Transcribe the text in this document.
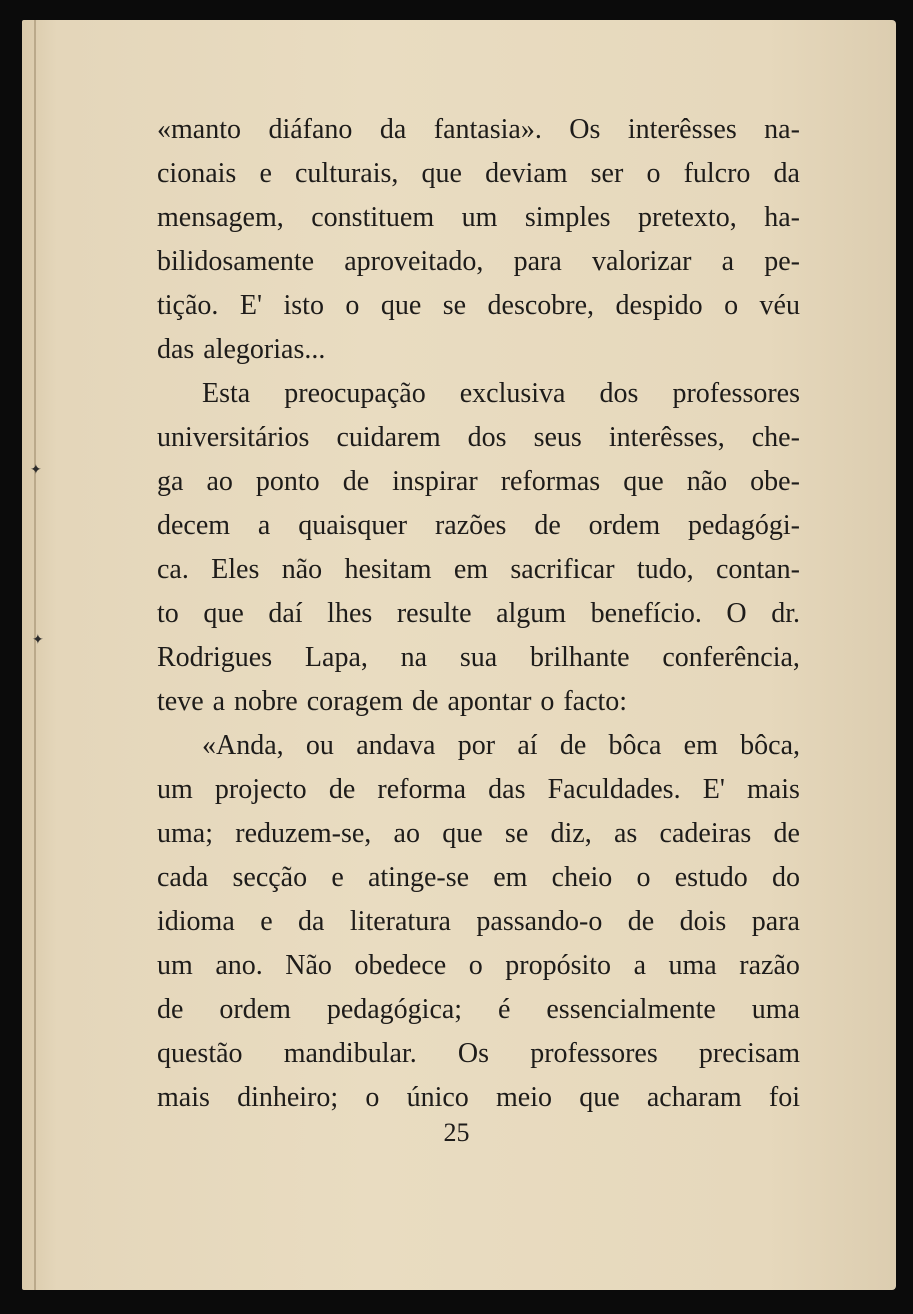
✦
✦
«manto diáfano da fantasia». Os interêsses na-
cionais e culturais, que deviam ser o fulcro da
mensagem, constituem um simples pretexto, ha-
bilidosamente aproveitado, para valorizar a pe-
tição. E' isto o que se descobre, despido o véu
das alegorias...
Esta preocupação exclusiva dos professores
universitários cuidarem dos seus interêsses, che-
ga ao ponto de inspirar reformas que não obe-
decem a quaisquer razões de ordem pedagógi-
ca. Eles não hesitam em sacrificar tudo, contan-
to que daí lhes resulte algum benefício. O dr.
Rodrigues Lapa, na sua brilhante conferência,
teve a nobre coragem de apontar o facto:
«Anda, ou andava por aí de bôca em bôca,
um projecto de reforma das Faculdades. E' mais
uma; reduzem-se, ao que se diz, as cadeiras de
cada secção e atinge-se em cheio o estudo do
idioma e da literatura passando-o de dois para
um ano. Não obedece o propósito a uma razão
de ordem pedagógica; é essencialmente uma
questão mandibular. Os professores precisam
mais dinheiro; o único meio que acharam foi
25
